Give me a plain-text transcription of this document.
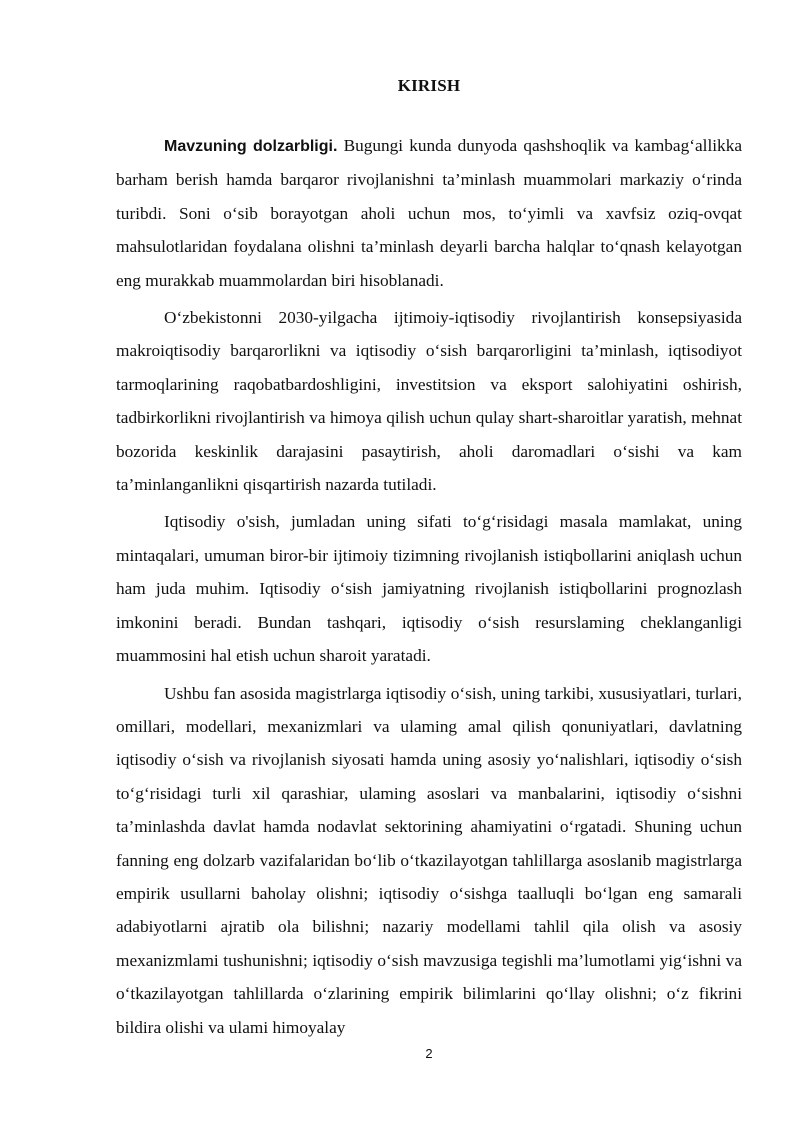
KIRISH

Mavzuning dolzarbligi. Bugungi kunda dunyoda qashshoqlik va kambag‘allikka barham berish hamda barqaror rivojlanishni ta’minlash muammolari markaziy o‘rinda turibdi. Soni o‘sib borayotgan aholi uchun mos, to‘yimli va xavfsiz oziq-ovqat mahsulotlaridan foydalana olishni ta’minlash deyarli barcha halqlar to‘qnash kelayotgan eng murakkab muammolardan biri hisoblanadi.

O‘zbekistonni 2030-yilgacha ijtimoiy-iqtisodiy rivojlantirish konsepsiyasida makroiqtisodiy barqarorlikni va iqtisodiy o‘sish barqarorligini ta’minlash, iqtisodiyot tarmoqlarining raqobatbardoshligini, investitsion va eksport salohiyatini oshirish, tadbirkorlikni rivojlantirish va himoya qilish uchun qulay shart-sharoitlar yaratish, mehnat bozorida keskinlik darajasini pasaytirish, aholi daromadlari o‘sishi va kam ta’minlanganlikni qisqartirish nazarda tutiladi.

Iqtisodiy o'sish, jumladan uning sifati to‘g‘risidagi masala mamlakat, uning mintaqalari, umuman biror-bir ijtimoiy tizimning rivojlanish istiqbollarini aniqlash uchun ham juda muhim. Iqtisodiy o‘sish jamiyatning rivojlanish istiqbollarini prognozlash imkonini beradi. Bundan tashqari, iqtisodiy o‘sish resurslaming cheklanganligi muammosini hal etish uchun sharoit yaratadi.

Ushbu fan asosida magistrlarga iqtisodiy o‘sish, uning tarkibi, xususiyatlari, turlari, omillari, modellari, mexanizmlari va ulaming amal qilish qonuniyatlari, davlatning iqtisodiy o‘sish va rivojlanish siyosati hamda uning asosiy yo‘nalishlari, iqtisodiy o‘sish to‘g‘risidagi turli xil qarashiar, ulaming asoslari va manbalarini, iqtisodiy o‘sishni ta’minlashda davlat hamda nodavlat sektorining ahamiyatini o‘rgatadi. Shuning uchun fanning eng dolzarb vazifalaridan bo‘lib o‘tkazilayotgan tahlillarga asoslanib magistrlarga empirik usullarni baholay olishni; iqtisodiy o‘sishga taalluqli bo‘lgan eng samarali adabiyotlarni ajratib ola bilishni; nazariy modellami tahlil qila olish va asosiy mexanizmlami tushunishni; iqtisodiy o‘sish mavzusiga tegishli ma’lumotlami yig‘ishni va o‘tkazilayotgan tahlillarda o‘zlarining empirik bilimlarini qo‘llay olishni; o‘z fikrini bildira olishi va ulami himoyalay

2
